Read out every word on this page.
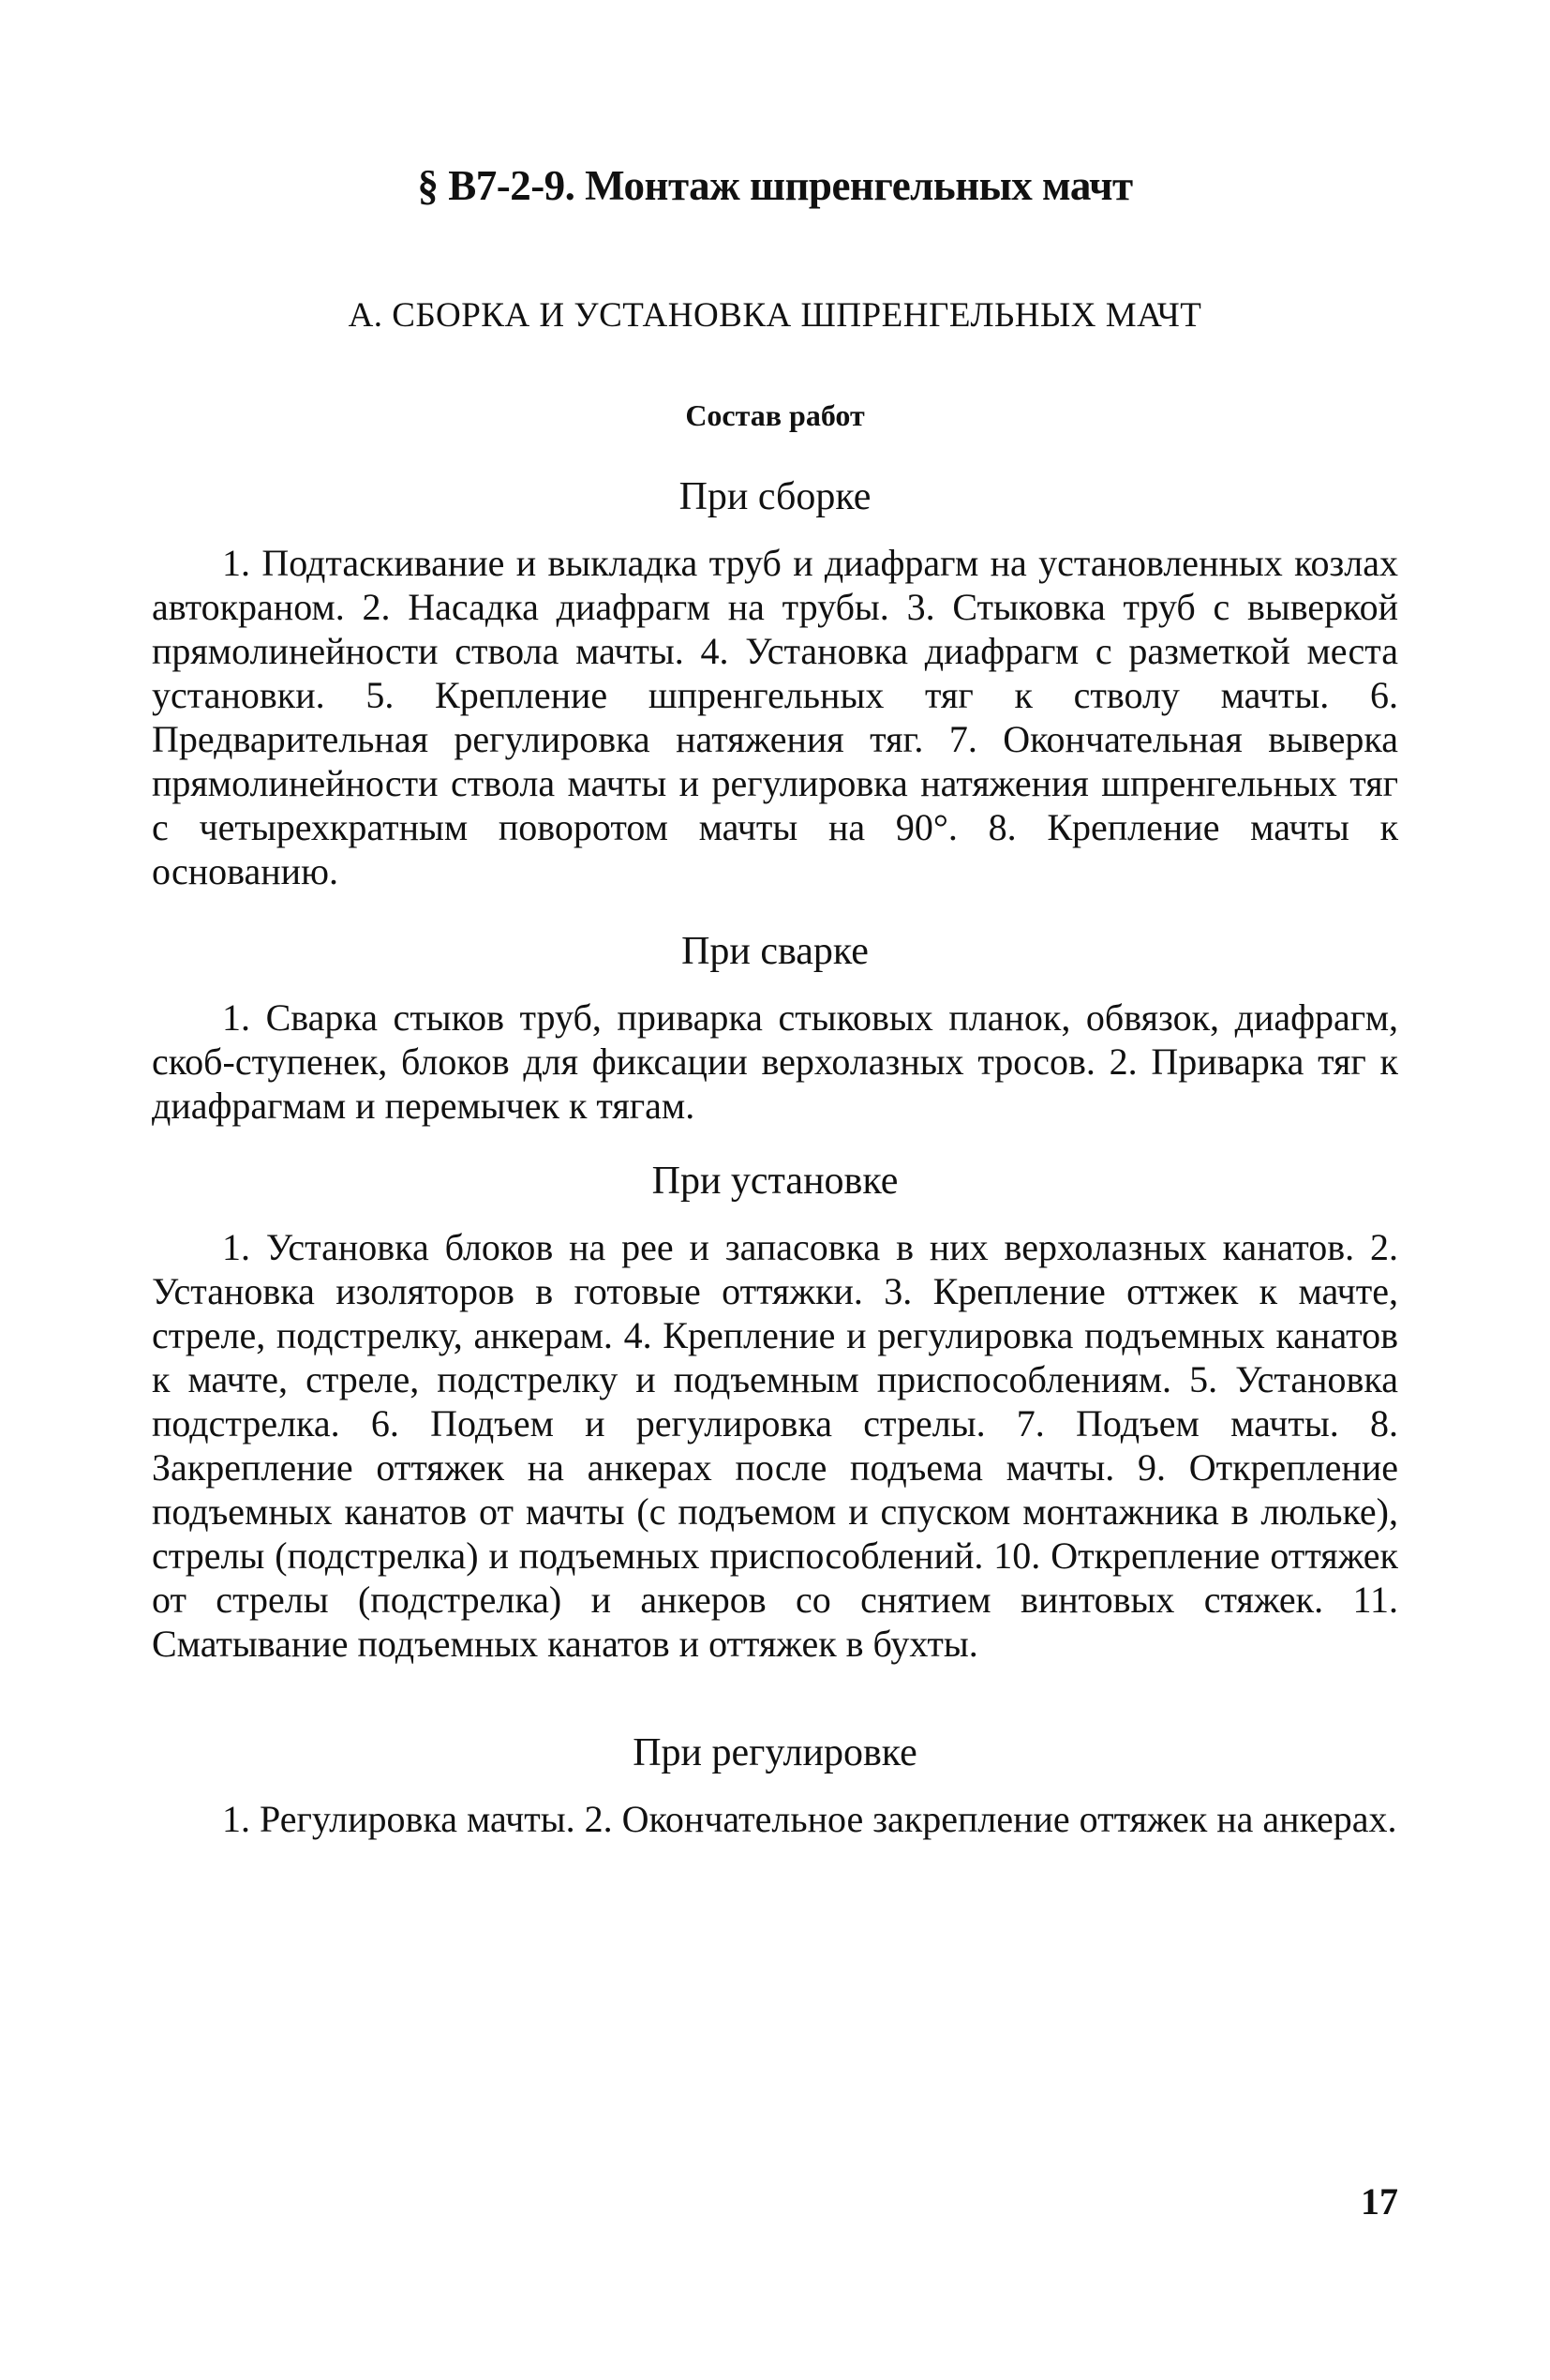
§ В7-2-9. Монтаж шпренгельных мачт
А. СБОРКА И УСТАНОВКА ШПРЕНГЕЛЬНЫХ МАЧТ
Состав работ
При сборке

1. Подтаскивание и выкладка труб и диафрагм на установленных козлах автокраном. 2. Насадка диафрагм на трубы. 3. Стыковка труб с выверкой прямолинейности ствола мачты. 4. Установка диафрагм с разметкой места установки. 5. Крепление шпренгельных тяг к стволу мачты. 6. Предварительная регулировка натяжения тяг. 7. Окончательная выверка прямолинейности ствола мачты и регулировка натяжения шпренгельных тяг с четырехкратным поворотом мачты на 90°. 8. Крепление мачты к основанию.

При сварке

1. Сварка стыков труб, приварка стыковых планок, обвязок, диафрагм, скоб-ступенек, блоков для фиксации верхолазных тросов. 2. Приварка тяг к диафрагмам и перемычек к тягам.

При установке

1. Установка блоков на рее и запасовка в них верхолазных канатов. 2. Установка изоляторов в готовые оттяжки. 3. Крепление оттжек к мачте, стреле, подстрелку, анкерам. 4. Крепление и регулировка подъемных канатов к мачте, стреле, подстрелку и подъемным приспособлениям. 5. Установка подстрелка. 6. Подъем и регулировка стрелы. 7. Подъем мачты. 8. Закрепление оттяжек на анкерах после подъема мачты. 9. Открепление подъемных канатов от мачты (с подъемом и спуском монтажника в люльке), стрелы (подстрелка) и подъемных приспособлений. 10. Открепление оттяжек от стрелы (подстрелка) и анкеров со снятием винтовых стяжек. 11. Сматывание подъемных канатов и оттяжек в бухты.

При регулировке

1. Регулировка мачты. 2. Окончательное закрепление оттяжек на анкерах.

17
